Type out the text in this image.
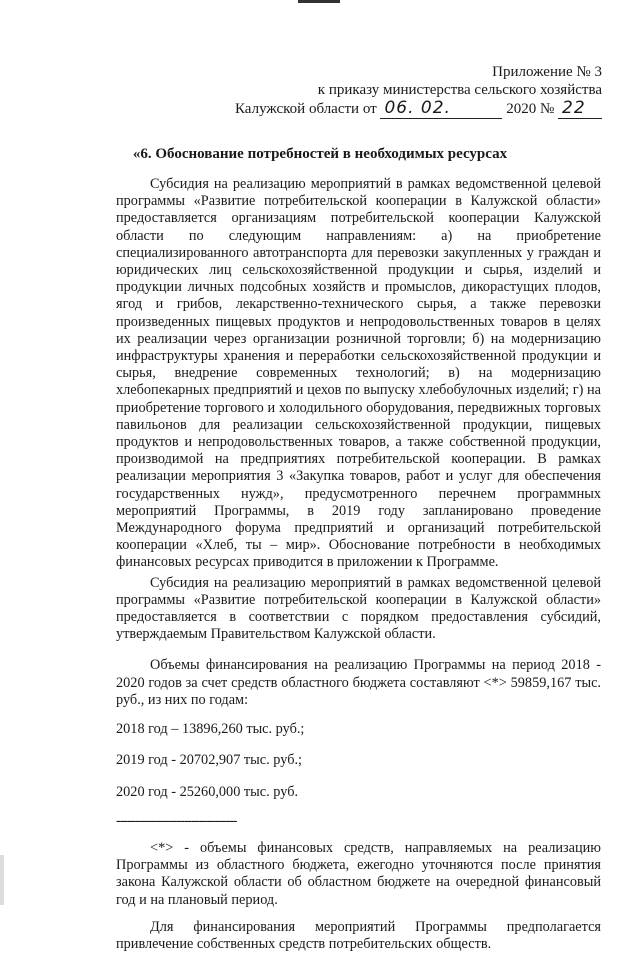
Приложение № 3
к приказу министерства сельского хозяйства
Калужской области от 06. 02.	2020 № 22
«6. Обоснование потребностей в необходимых ресурсах

Субсидия на реализацию мероприятий в рамках ведомственной целевой программы «Развитие потребительской кооперации в Калужской области» предоставляется организациям потребительской кооперации Калужской области по следующим направлениям: а) на приобретение специализированного автотранспорта для перевозки закупленных у граждан и юридических лиц сельскохозяйственной продукции и сырья, изделий и продукции личных подсобных хозяйств и промыслов, дикорастущих плодов, ягод и грибов, лекарственно-технического сырья, а также перевозки произведенных пищевых продуктов и непродовольственных товаров в целях их реализации через организации розничной торговли; б) на модернизацию инфраструктуры хранения и переработки сельскохозяйственной продукции и сырья, внедрение современных технологий; в) на модернизацию хлебопекарных предприятий и цехов по выпуску хлебобулочных изделий; г) на приобретение торгового и холодильного оборудования, передвижных торговых павильонов для реализации сельскохозяйственной продукции, пищевых продуктов и непродовольственных товаров, а также собственной продукции, производимой на предприятиях потребительской кооперации. В рамках реализации мероприятия 3 «Закупка товаров, работ и услуг для обеспечения государственных нужд», предусмотренного перечнем программных мероприятий Программы, в 2019 году запланировано проведение Международного форума предприятий и организаций потребительской кооперации «Хлеб, ты – мир». Обоснование потребности в необходимых финансовых ресурсах приводится в приложении к Программе.

Субсидия на реализацию мероприятий в рамках ведомственной целевой программы «Развитие потребительской кооперации в Калужской области» предоставляется в соответствии с порядком предоставления субсидий, утверждаемым Правительством Калужской области.

Объемы финансирования на реализацию Программы на период 2018 - 2020 годов за счет средств областного бюджета составляют <*> 59859,167 тыс. руб., из них по годам:

2018 год – 13896,260 тыс. руб.;

2019 год - 20702,907 тыс. руб.;

2020 год - 25260,000 тыс. руб.

--------------------------------

<*> - объемы финансовых средств, направляемых на реализацию Программы из областного бюджета, ежегодно уточняются после принятия закона Калужской области об областном бюджете на очередной финансовый год и на плановый период.

Для финансирования мероприятий Программы предполагается привлечение собственных средств потребительских обществ.
